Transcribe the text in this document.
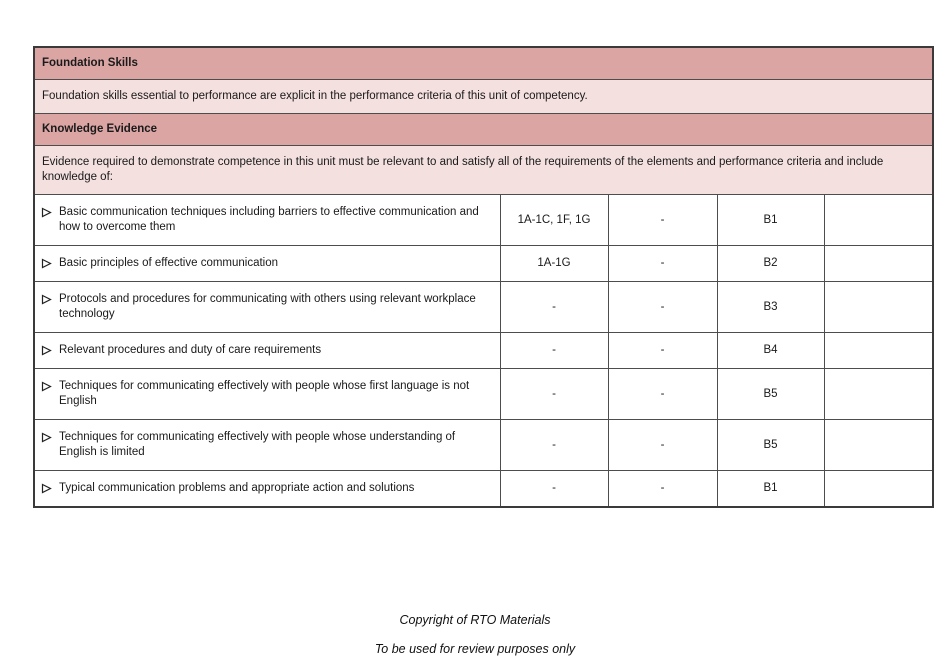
Foundation Skills				
Foundation skills essential to performance are explicit in the performance criteria of this unit of competency.				
Knowledge Evidence				
Evidence required to demonstrate competence in this unit must be relevant to and satisfy all of the requirements of the elements and performance criteria and include knowledge of:				

Basic communication techniques including barriers to effective communication and how to overcome them	1A-1C, 1F, 1G	-	B1	

Basic principles of effective communication	1A-1G	-	B2	

Protocols and procedures for communicating with others using relevant workplace technology	-	-	B3	

Relevant procedures and duty of care requirements	-	-	B4	

Techniques for communicating effectively with people whose first language is not English	-	-	B5	

Techniques for communicating effectively with people whose understanding of English is limited	-	-	B5	

Typical communication problems and appropriate action and solutions	-	-	B1	
Copyright of RTO Materials
To be used for review purposes only
